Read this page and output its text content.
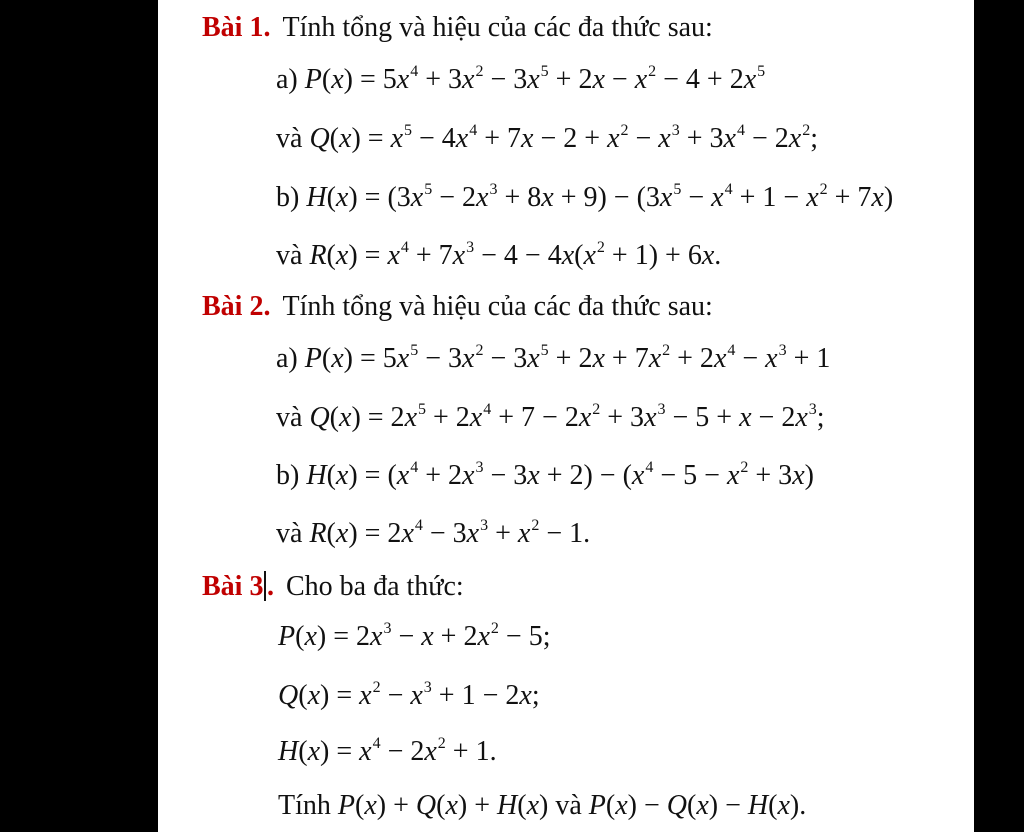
Bài 1. Tính tổng và hiệu của các đa thức sau:
a) $P(x) = 5x^4 + 3x^2 - 3x^5 + 2x - x^2 - 4 + 2x^5$
và $Q(x) = x^5 - 4x^4 + 7x - 2 + x^2 - x^3 + 3x^4 - 2x^2$;
b) $H(x) = (3x^5 - 2x^3 + 8x + 9) - (3x^5 - x^4 + 1 - x^2 + 7x)$
và $R(x) = x^4 + 7x^3 - 4 - 4x(x^2 + 1) + 6x$.
Bài 2. Tính tổng và hiệu của các đa thức sau:
a) $P(x) = 5x^5 - 3x^2 - 3x^5 + 2x + 7x^2 + 2x^4 - x^3 + 1$
và $Q(x) = 2x^5 + 2x^4 + 7 - 2x^2 + 3x^3 - 5 + x - 2x^3$;
b) $H(x) = (x^4 + 2x^3 - 3x + 2) - (x^4 - 5 - x^2 + 3x)$
và $R(x) = 2x^4 - 3x^3 + x^2 - 1$.
Bài 3 . Cho ba đa thức:
$P(x) = 2x^3 - x + 2x^2 - 5$;
$Q(x) = x^2 - x^3 + 1 - 2x$;
$H(x) = x^4 - 2x^2 + 1$.
Tính P(x) + Q(x) + H(x) và P(x) − Q(x) − H(x).
